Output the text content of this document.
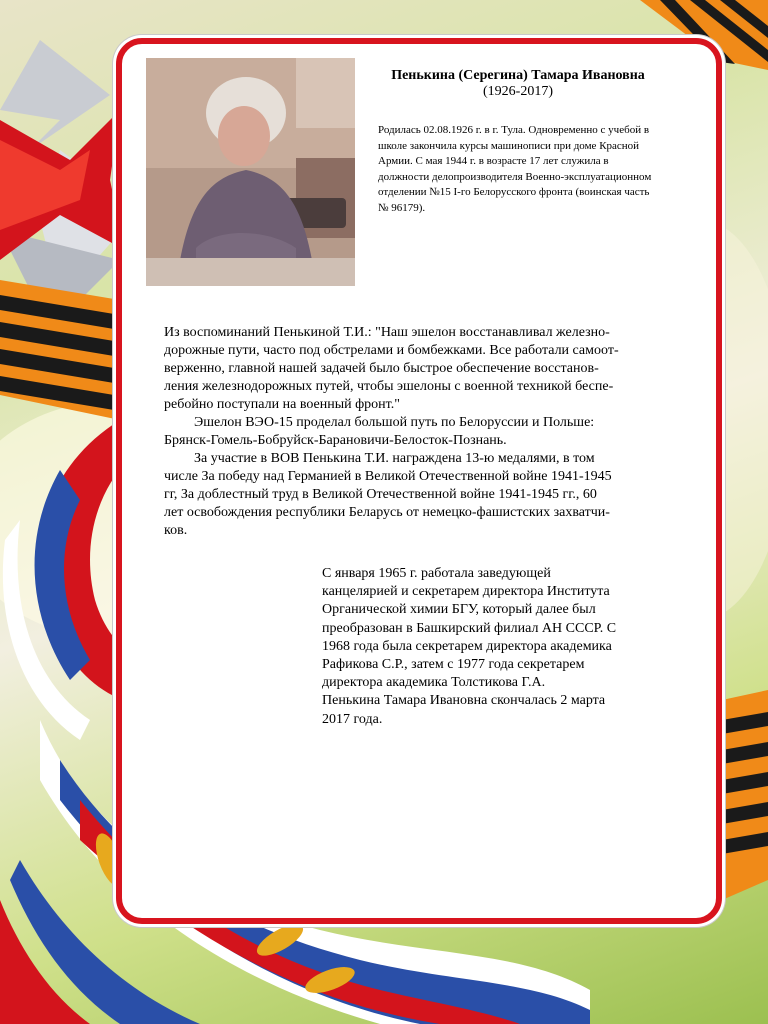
Пенькина (Серегина) Тамара Ивановна
(1926-2017)

Родилась 02.08.1926 г. в г. Тула. Одновременно с учебой в

школе закончила курсы машинописи при доме Красной

Армии. С мая 1944 г. в возрасте 17 лет служила в

должности делопроизводителя Военно-эксплуатационном

отделении №15 I-го Белорусского фронта (воинская часть

№ 96179).

Из воспоминаний Пенькиной Т.И.: "Наш эшелон восстанавливал железно-

дорожные пути, часто под обстрелами и бомбежками. Все работали самоот-

верженно, главной нашей задачей было быстрое обеспечение восстанов-

ления железнодорожных путей, чтобы эшелоны с военной техникой беспе-

ребойно поступали на военный фронт."

Эшелон ВЭО-15 проделал большой путь по Белоруссии и Польше:

Брянск-Гомель-Бобруйск-Барановичи-Белосток-Познань.

За участие в ВОВ Пенькина Т.И. награждена 13-ю медалями, в том

числе За победу над Германией в Великой Отечественной войне 1941-1945

гг, За доблестный труд в Великой Отечественной войне 1941-1945 гг., 60

лет освобождения республики Беларусь от немецко-фашистских захватчи-

ков.

С января 1965 г. работала заведующей

канцелярией и секретарем директора Института

Органической химии БГУ, который далее был

преобразован в Башкирский филиал АН СССР. С

1968 года была секретарем директора академика

Рафикова С.Р., затем с 1977 года секретарем

директора академика Толстикова Г.А.

Пенькина Тамара Ивановна скончалась 2 марта

2017 года.
